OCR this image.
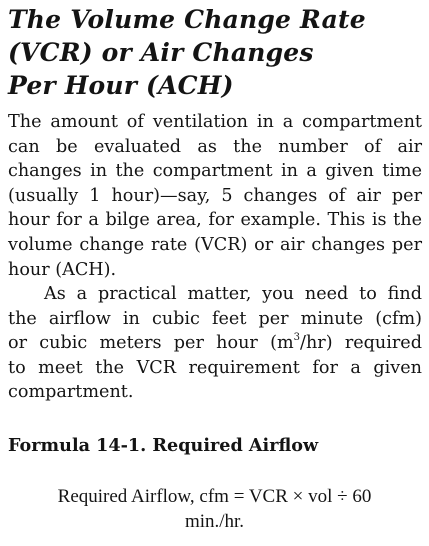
The Volume Change Rate
(VCR) or Air Changes
Per Hour (ACH)
The amount of ventilation in a compartment
can be evaluated as the number of air
changes in the compartment in a given time
(usually 1 hour)—say, 5 changes of air per
hour for a bilge area, for example. This is the
volume change rate (VCR) or air changes per
hour (ACH).
As a practical matter, you need to find
the airflow in cubic feet per minute (cfm)
or cubic meters per hour $(m^3/hr)$ required
to meet the VCR requirement for a given
compartment.
Formula 14-1. Required Airflow
Required Airflow, cfm = VCR × vol ÷ 60
min./hr.
